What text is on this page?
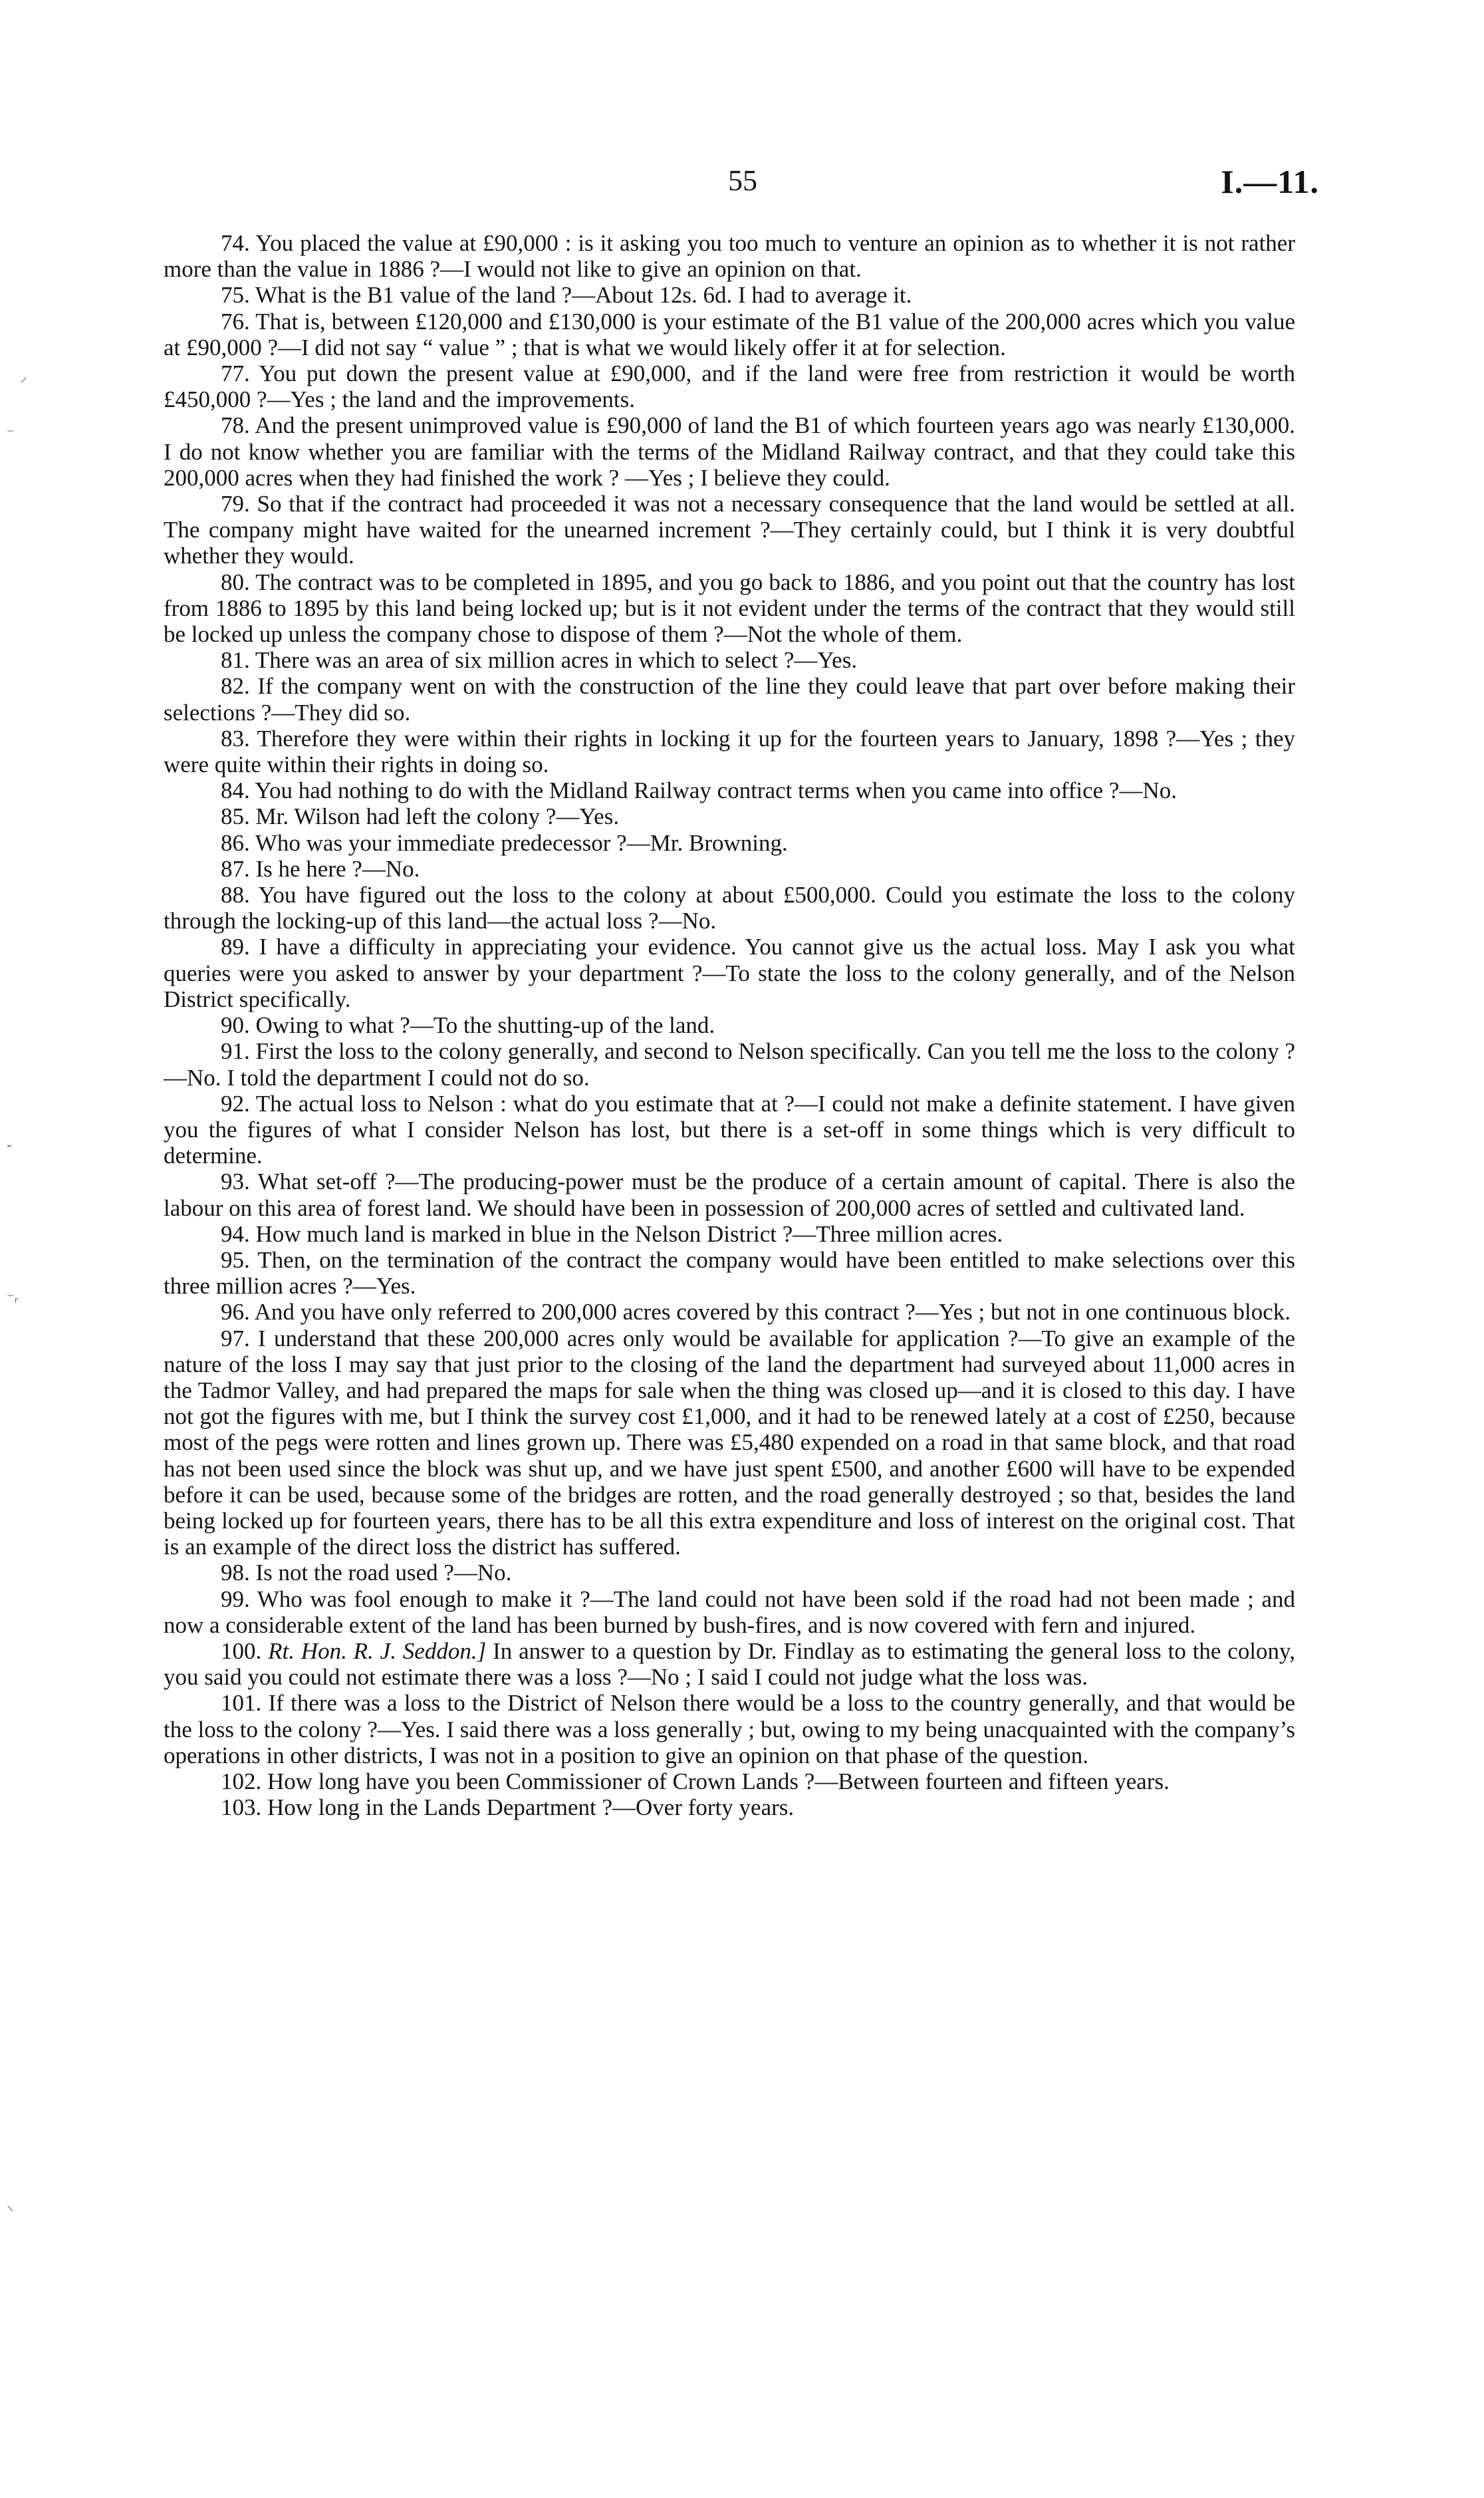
55	I.—11.
⸍
⁻
‐
⁻ᵣ
⸜

74. You placed the value at £90,000 : is it asking you too much to venture an opinion as to whether it is not rather more than the value in 1886 ?—I would not like to give an opinion on that.

75. What is the B1 value of the land ?—About 12s. 6d. I had to average it.

76. That is, between £120,000 and £130,000 is your estimate of the B1 value of the 200,000 acres which you value at £90,000 ?—I did not say “ value ” ; that is what we would likely offer it at for selection.

77. You put down the present value at £90,000, and if the land were free from restriction it would be worth £450,000 ?—Yes ; the land and the improvements.

78. And the present unimproved value is £90,000 of land the B1 of which fourteen years ago was nearly £130,000. I do not know whether you are familiar with the terms of the Midland Railway contract, and that they could take this 200,000 acres when they had finished the work ? —Yes ; I believe they could.

79. So that if the contract had proceeded it was not a necessary consequence that the land would be settled at all. The company might have waited for the unearned increment ?—They certainly could, but I think it is very doubtful whether they would.

80. The contract was to be completed in 1895, and you go back to 1886, and you point out that the country has lost from 1886 to 1895 by this land being locked up; but is it not evident under the terms of the contract that they would still be locked up unless the company chose to dispose of them ?—Not the whole of them.

81. There was an area of six million acres in which to select ?—Yes.

82. If the company went on with the construction of the line they could leave that part over before making their selections ?—They did so.

83. Therefore they were within their rights in locking it up for the fourteen years to January, 1898 ?—Yes ; they were quite within their rights in doing so.

84. You had nothing to do with the Midland Railway contract terms when you came into office ?—No.

85. Mr. Wilson had left the colony ?—Yes.

86. Who was your immediate predecessor ?—Mr. Browning.

87. Is he here ?—No.

88. You have figured out the loss to the colony at about £500,000. Could you estimate the loss to the colony through the locking-up of this land—the actual loss ?—No.

89. I have a difficulty in appreciating your evidence. You cannot give us the actual loss. May I ask you what queries were you asked to answer by your department ?—To state the loss to the colony generally, and of the Nelson District specifically.

90. Owing to what ?—To the shutting-up of the land.

91. First the loss to the colony generally, and second to Nelson specifically. Can you tell me the loss to the colony ?—No. I told the department I could not do so.

92. The actual loss to Nelson : what do you estimate that at ?—I could not make a definite statement. I have given you the figures of what I consider Nelson has lost, but there is a set-off in some things which is very difficult to determine.

93. What set-off ?—The producing-power must be the produce of a certain amount of capital. There is also the labour on this area of forest land. We should have been in possession of 200,000 acres of settled and cultivated land.

94. How much land is marked in blue in the Nelson District ?—Three million acres.

95. Then, on the termination of the contract the company would have been entitled to make selections over this three million acres ?—Yes.

96. And you have only referred to 200,000 acres covered by this contract ?—Yes ; but not in one continuous block.

97. I understand that these 200,000 acres only would be available for application ?—To give an example of the nature of the loss I may say that just prior to the closing of the land the department had surveyed about 11,000 acres in the Tadmor Valley, and had prepared the maps for sale when the thing was closed up—and it is closed to this day. I have not got the figures with me, but I think the survey cost £1,000, and it had to be renewed lately at a cost of £250, because most of the pegs were rotten and lines grown up. There was £5,480 expended on a road in that same block, and that road has not been used since the block was shut up, and we have just spent £500, and another £600 will have to be expended before it can be used, because some of the bridges are rotten, and the road generally destroyed ; so that, besides the land being locked up for fourteen years, there has to be all this extra expenditure and loss of interest on the original cost. That is an example of the direct loss the district has suffered.

98. Is not the road used ?—No.

99. Who was fool enough to make it ?—The land could not have been sold if the road had not been made ; and now a considerable extent of the land has been burned by bush-fires, and is now covered with fern and injured.

100. Rt. Hon. R. J. Seddon.] In answer to a question by Dr. Findlay as to estimating the general loss to the colony, you said you could not estimate there was a loss ?—No ; I said I could not judge what the loss was.

101. If there was a loss to the District of Nelson there would be a loss to the country generally, and that would be the loss to the colony ?—Yes. I said there was a loss generally ; but, owing to my being unacquainted with the company’s operations in other districts, I was not in a position to give an opinion on that phase of the question.

102. How long have you been Commissioner of Crown Lands ?—Between fourteen and fifteen years.

103. How long in the Lands Department ?—Over forty years.
